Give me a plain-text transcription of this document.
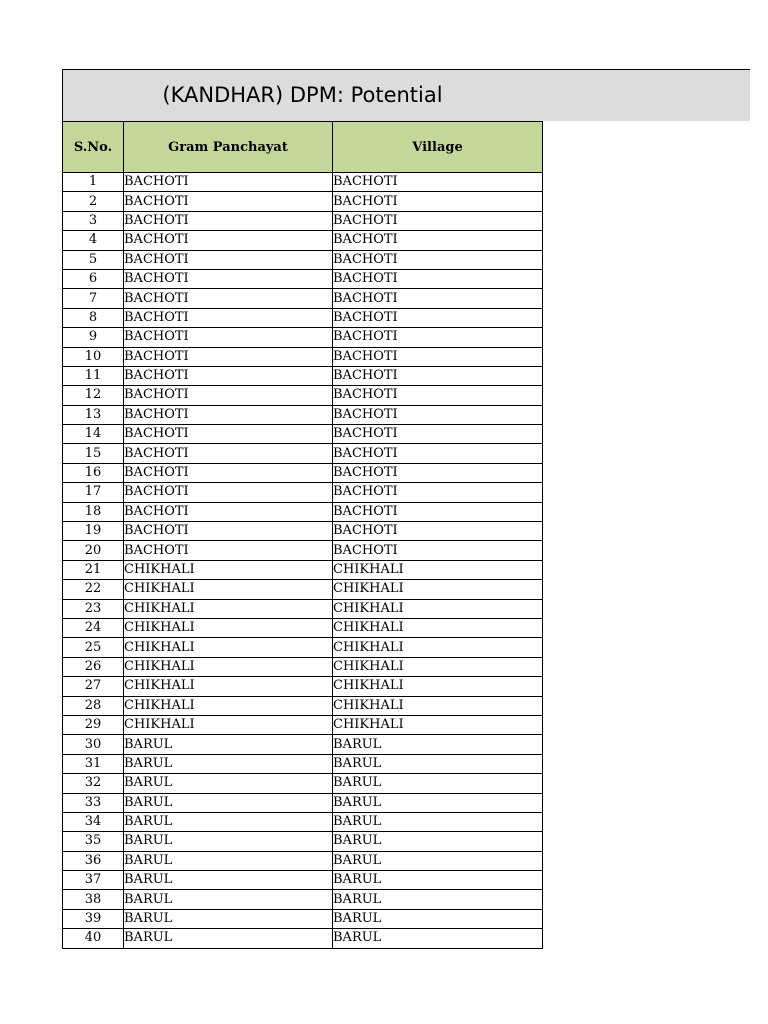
(KANDHAR) DPM: Potential
S.No.	Gram Panchayat	Village
1	BACHOTI	BACHOTI
2	BACHOTI	BACHOTI
3	BACHOTI	BACHOTI
4	BACHOTI	BACHOTI
5	BACHOTI	BACHOTI
6	BACHOTI	BACHOTI
7	BACHOTI	BACHOTI
8	BACHOTI	BACHOTI
9	BACHOTI	BACHOTI
10	BACHOTI	BACHOTI
11	BACHOTI	BACHOTI
12	BACHOTI	BACHOTI
13	BACHOTI	BACHOTI
14	BACHOTI	BACHOTI
15	BACHOTI	BACHOTI
16	BACHOTI	BACHOTI
17	BACHOTI	BACHOTI
18	BACHOTI	BACHOTI
19	BACHOTI	BACHOTI
20	BACHOTI	BACHOTI
21	CHIKHALI	CHIKHALI
22	CHIKHALI	CHIKHALI
23	CHIKHALI	CHIKHALI
24	CHIKHALI	CHIKHALI
25	CHIKHALI	CHIKHALI
26	CHIKHALI	CHIKHALI
27	CHIKHALI	CHIKHALI
28	CHIKHALI	CHIKHALI
29	CHIKHALI	CHIKHALI
30	BARUL	BARUL
31	BARUL	BARUL
32	BARUL	BARUL
33	BARUL	BARUL
34	BARUL	BARUL
35	BARUL	BARUL
36	BARUL	BARUL
37	BARUL	BARUL
38	BARUL	BARUL
39	BARUL	BARUL
40	BARUL	BARUL
